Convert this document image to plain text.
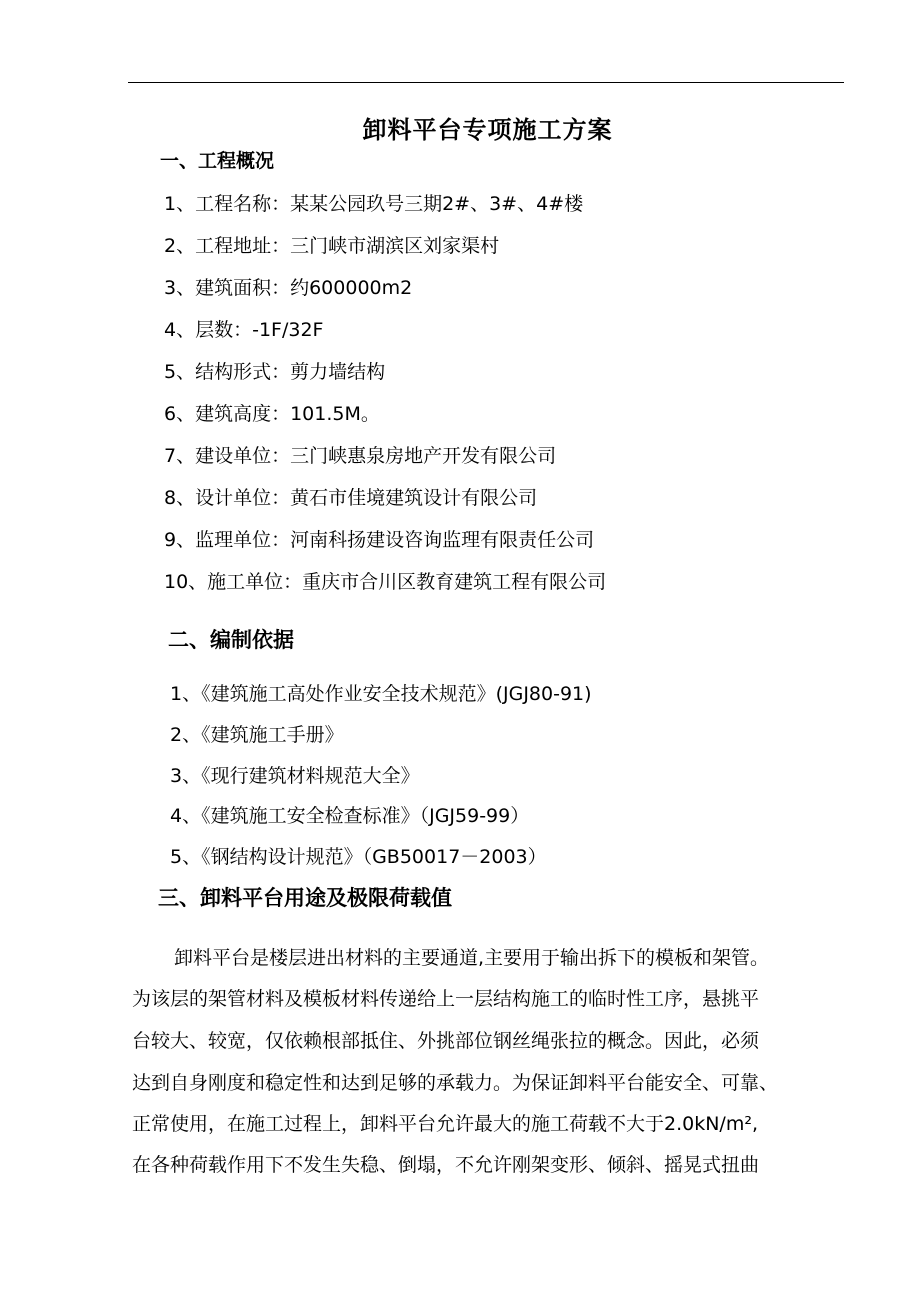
卸料平台专项施工方案
一、工程概况
1、工程名称：某某公园玖号三期2#、3#、4#楼
2、工程地址：三门峡市湖滨区刘家渠村
3、建筑面积：约600000m2
4、层数：-1F/32F
5、结构形式：剪力墙结构
6、建筑高度：101.5M。
7、建设单位：三门峡惠泉房地产开发有限公司
8、设计单位：黄石市佳境建筑设计有限公司
9、监理单位：河南科扬建设咨询监理有限责任公司
10、施工单位：重庆市合川区教育建筑工程有限公司
二、编制依据
1、《建筑施工高处作业安全技术规范》(JGJ80-91)
2、《建筑施工手册》
3、《现行建筑材料规范大全》
4、《建筑施工安全检查标准》（JGJ59-99）
5、《钢结构设计规范》（GB50017－2003）
三、卸料平台用途及极限荷载值
卸料平台是楼层进出材料的主要通道,主要用于输出拆下的模板和架管。
为该层的架管材料及模板材料传递给上一层结构施工的临时性工序，悬挑平
台较大、较宽，仅依赖根部抵住、外挑部位钢丝绳张拉的概念。因此，必须
达到自身刚度和稳定性和达到足够的承载力。为保证卸料平台能安全、可靠、
正常使用，在施工过程上，卸料平台允许最大的施工荷载不大于2.0kN/m²,
在各种荷载作用下不发生失稳、倒塌，不允许刚架变形、倾斜、摇晃式扭曲
